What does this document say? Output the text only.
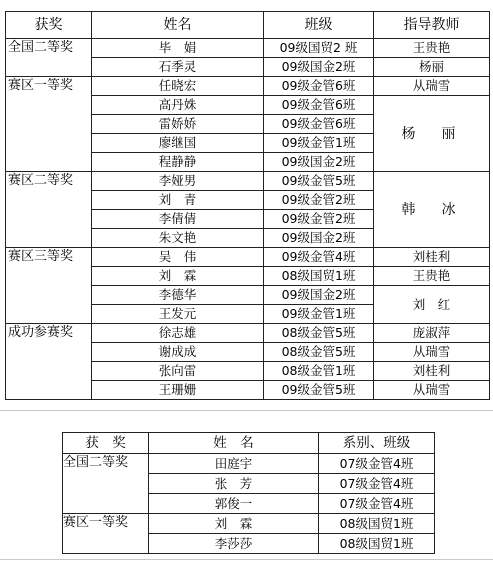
获奖	姓名	班级	指导教师
全国二等奖	毕　娟	09级国贸2 班	王贵艳
	石季灵	09级国金2班	杨丽
赛区一等奖	任晓宏	09级金管6班	从瑞雪
	高丹姝	09级金管6班	杨　丽
	雷娇娇	09级金管6班	
	廖继国	09级金管1班	
	程静静	09级国金2班	
赛区二等奖	李娅男	09级金管5班	韩　冰
	刘　青	09级金管2班	
	李倩倩	09级金管2班	
	朱文艳	09级国金2班	
赛区三等奖	吴　伟	09级金管4班	刘桂利
	刘　霖	08级国贸1班	王贵艳
	李德华	09级国金2班	刘　红
	王发元	09级金管1班	
成功参赛奖	徐志雄	08级金管5班	庞淑萍
	谢成成	08级金管5班	从瑞雪
	张向雷	08级金管1班	刘桂利
	王珊姗	09级金管5班	从瑞雪
获　奖	姓　名	系别、班级
全国二等奖	田庭宇	07级金管4班
	张　芳	07级金管4班
	郭俊一	07级金管4班
赛区一等奖	刘　霖	08级国贸1班
	李莎莎	08级国贸1班
